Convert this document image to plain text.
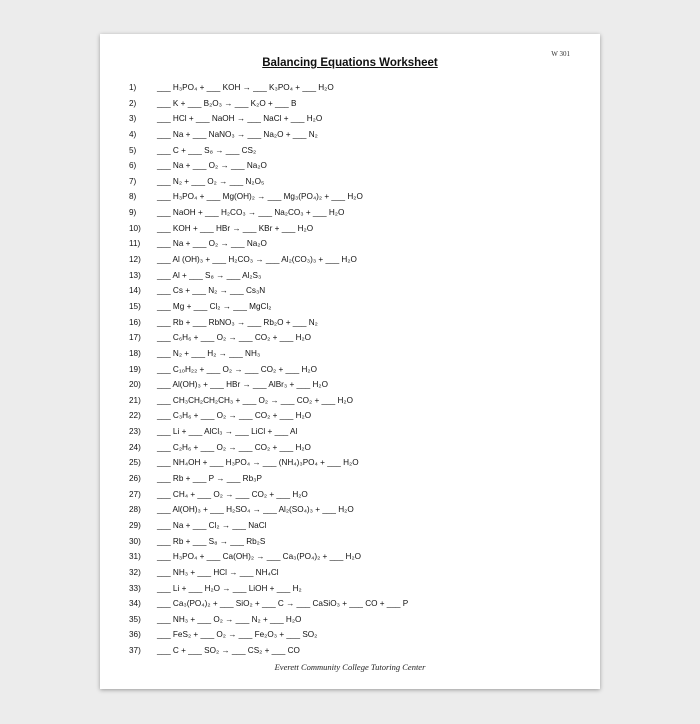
W 301
Balancing Equations Worksheet
1)	___ H₃PO₄ + ___ KOH → ___ K₃PO₄ + ___ H₂O
2)	___ K + ___ B₂O₃ → ___ K₂O + ___ B
3)	___ HCl + ___ NaOH → ___ NaCl + ___ H₂O
4)	___ Na + ___ NaNO₃ → ___ Na₂O + ___ N₂
5)	___ C + ___ S₈ → ___ CS₂
6)	___ Na + ___ O₂ → ___ Na₂O
7)	___ N₂ + ___ O₂ → ___ N₂O₅
8)	___ H₃PO₄ + ___ Mg(OH)₂ → ___ Mg₃(PO₄)₂ + ___ H₂O
9)	___ NaOH + ___ H₂CO₃ → ___ Na₂CO₃ + ___ H₂O
10)	___ KOH + ___ HBr → ___ KBr + ___ H₂O
11)	___ Na + ___ O₂ → ___ Na₂O
12)	___ Al (OH)₃ + ___ H₂CO₃ → ___ Al₂(CO₃)₃ + ___ H₂O
13)	___ Al + ___ S₈ → ___ Al₂S₃
14)	___ Cs + ___ N₂ → ___ Cs₃N
15)	___ Mg + ___ Cl₂ → ___ MgCl₂
16)	___ Rb + ___ RbNO₃ → ___ Rb₂O + ___ N₂
17)	___ C₆H₆ + ___ O₂ → ___ CO₂ + ___ H₂O
18)	___ N₂ + ___ H₂ → ___ NH₃
19)	___ C₁₀H₂₂ + ___ O₂ → ___ CO₂ + ___ H₂O
20)	___ Al(OH)₃ + ___ HBr → ___ AlBr₃ + ___ H₂O
21)	___ CH₃CH₂CH₂CH₃ + ___ O₂ → ___ CO₂ + ___ H₂O
22)	___ C₃H₆ + ___ O₂ → ___ CO₂ + ___ H₂O
23)	___ Li + ___ AlCl₃ → ___ LiCl + ___ Al
24)	___ C₂H₆ + ___ O₂ → ___ CO₂ + ___ H₂O
25)	___ NH₄OH + ___ H₃PO₄ → ___ (NH₄)₃PO₄ + ___ H₂O
26)	___ Rb + ___ P → ___ Rb₃P
27)	___ CH₄ + ___ O₂ → ___ CO₂ + ___ H₂O
28)	___ Al(OH)₃ + ___ H₂SO₄ → ___ Al₂(SO₄)₃ + ___ H₂O
29)	___ Na + ___ Cl₂ → ___ NaCl
30)	___ Rb + ___ S₈ → ___ Rb₂S
31)	___ H₃PO₄ + ___ Ca(OH)₂ → ___ Ca₃(PO₄)₂ + ___ H₂O
32)	___ NH₃ + ___ HCl → ___ NH₄Cl
33)	___ Li + ___ H₂O → ___ LiOH + ___ H₂
34)	___ Ca₃(PO₄)₂ + ___ SiO₂ + ___ C → ___ CaSiO₃ + ___ CO + ___ P
35)	___ NH₃ + ___ O₂ → ___ N₂ + ___ H₂O
36)	___ FeS₂ + ___ O₂ → ___ Fe₂O₃ + ___ SO₂
37)	___ C + ___ SO₂ → ___ CS₂ + ___ CO
Everett Community College Tutoring Center
